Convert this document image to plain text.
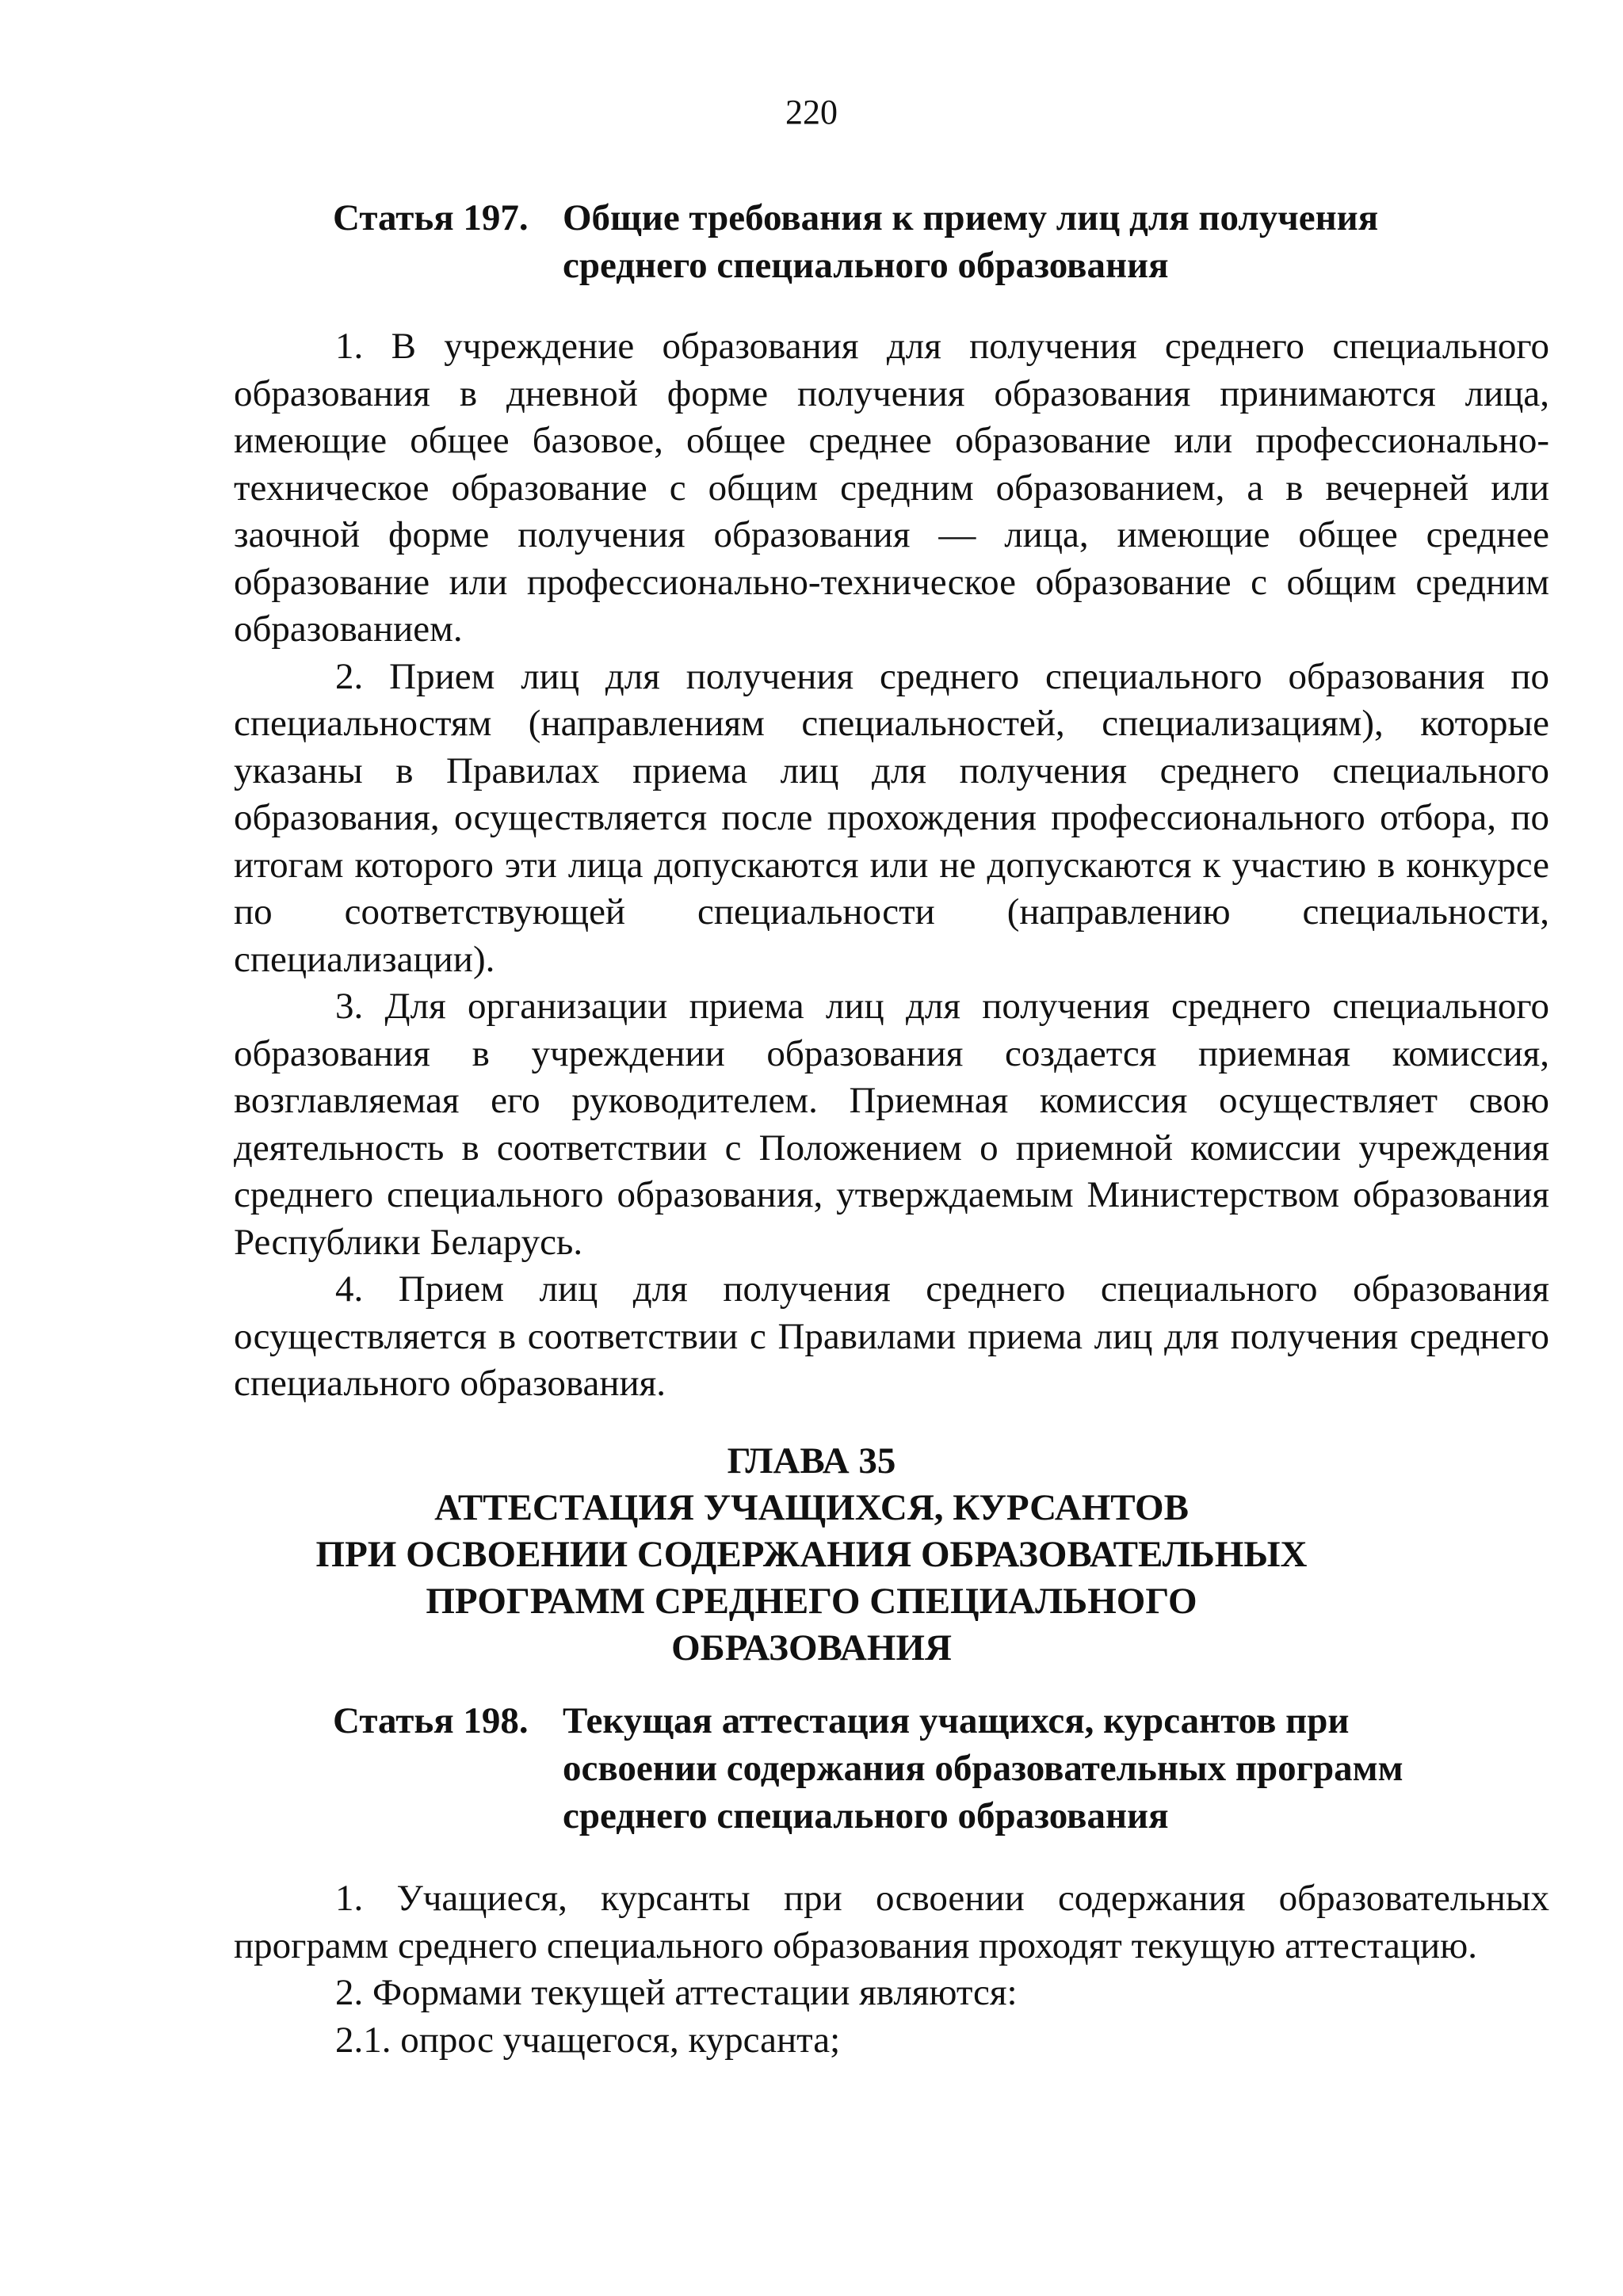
220
Статья 197. Общие требования к приему лиц для получения
среднего специального образования

1. В учреждение образования для получения среднего специального образования в дневной форме получения образования принимаются лица, имеющие общее базовое, общее среднее образование или профессионально-техническое образование с общим средним образованием, а в вечерней или заочной форме получения образования — лица, имеющие общее среднее образование или профессионально-техническое образование с общим средним образованием.

2. Прием лиц для получения среднего специального образования по специальностям (направлениям специальностей, специализациям), которые указаны в Правилах приема лиц для получения среднего специального образования, осуществляется после прохождения профессионального отбора, по итогам которого эти лица допускаются или не допускаются к участию в конкурсе по соответствующей специальности (направлению специальности, специализации).

3. Для организации приема лиц для получения среднего специального образования в учреждении образования создается приемная комиссия, возглавляемая его руководителем. Приемная комиссия осуществляет свою деятельность в соответствии с Положением о приемной комиссии учреждения среднего специального образования, утверждаемым Министерством образования Республики Беларусь.

4. Прием лиц для получения среднего специального образования осуществляется в соответствии с Правилами приема лиц для получения среднего специального образования.

ГЛАВА 35
АТТЕСТАЦИЯ УЧАЩИХСЯ, КУРСАНТОВ
ПРИ ОСВОЕНИИ СОДЕРЖАНИЯ ОБРАЗОВАТЕЛЬНЫХ
ПРОГРАММ СРЕДНЕГО СПЕЦИАЛЬНОГО
ОБРАЗОВАНИЯ
Статья 198. Текущая аттестация учащихся, курсантов при
освоении содержания образовательных программ
среднего специального образования

1. Учащиеся, курсанты при освоении содержания образовательных программ среднего специального образования проходят текущую аттестацию.

2. Формами текущей аттестации являются:

2.1. опрос учащегося, курсанта;
